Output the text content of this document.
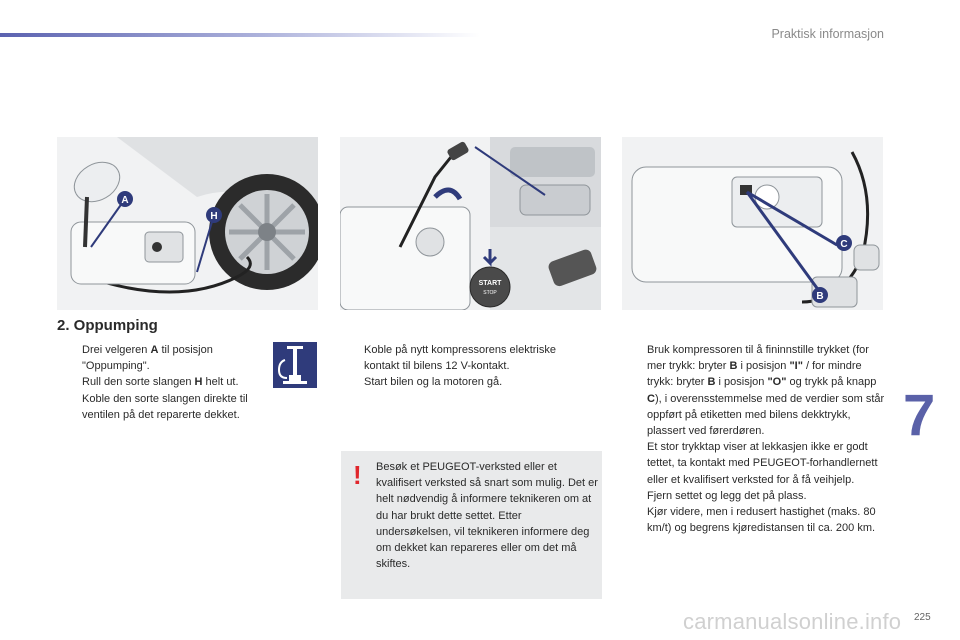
Praktisk informasjon
A
H
START
STOP
C
B
2. Oppumping
Drei velgeren A til posisjon "Oppumping".
Rull den sorte slangen H helt ut.
Koble den sorte slangen direkte til ventilen på det reparerte dekket.
Koble på nytt kompressorens elektriske kontakt til bilens 12 V-kontakt.
Start bilen og la motoren gå.
! Besøk et PEUGEOT-verksted eller et kvalifisert verksted så snart som mulig. Det er helt nødvendig å informere teknikeren om at du har brukt dette settet. Etter undersøkelsen, vil teknikeren informere deg om dekket kan repareres eller om det må skiftes.
Bruk kompressoren til å fininnstille trykket (for mer trykk: bryter B i posisjon "I" / for mindre trykk: bryter B i posisjon "O" og trykk på knapp C), i overensstemmelse med de verdier som står oppført på etiketten med bilens dekktrykk, plassert ved førerdøren.
Et stor trykktap viser at lekkasjen ikke er godt tettet, ta kontakt med PEUGEOT-forhandlernett eller et kvalifisert verksted for å få veihjelp.
Fjern settet og legg det på plass.
Kjør videre, men i redusert hastighet (maks. 80 km/t) og begrens kjøredistansen til ca. 200 km.
7
carmanualsonline.info 225
